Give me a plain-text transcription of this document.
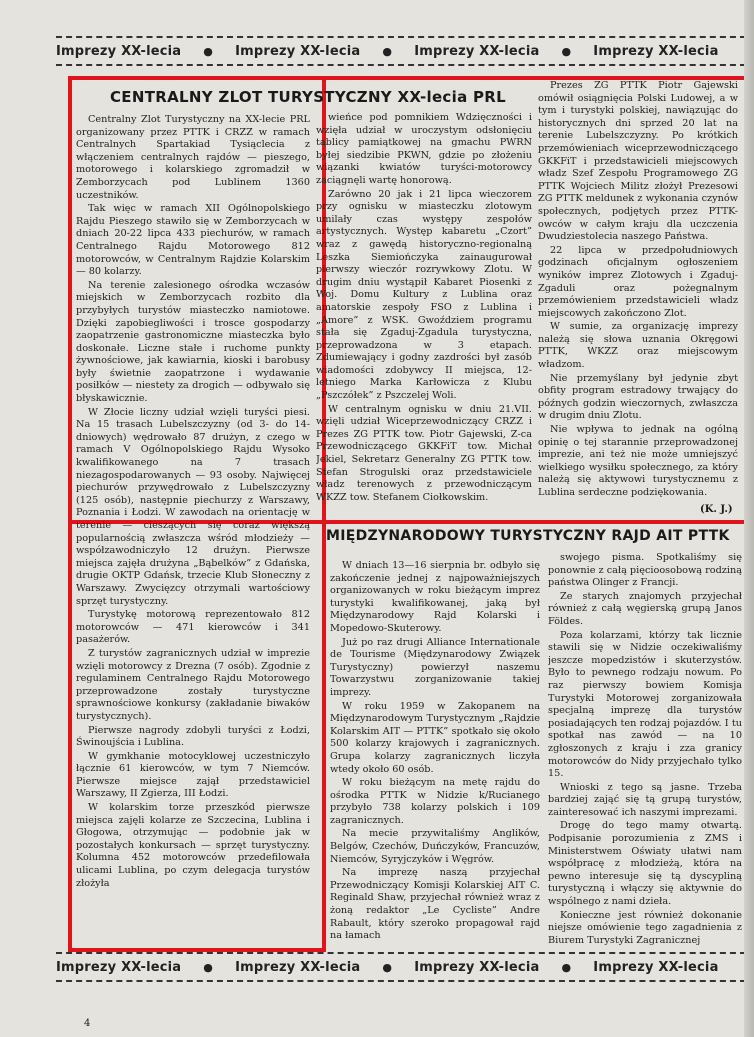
Imprezy XX-lecia ● Imprezy XX-lecia ● Imprezy XX-lecia ● Imprezy XX-lecia
CENTRALNY ZLOT TURYSTYCZNY XX-lecia PRL

Centralny Zlot Turystyczny na XX-lecie PRL organizowany przez PTTK i CRZZ w ramach Centralnych Spartakiad Tysiąclecia z włączeniem centralnych rajdów — pieszego, motorowego i kolarskiego zgromadził w Zemborzycach pod Lublinem 1360 uczestników.

Tak więc w ramach XII Ogólnopolskiego Rajdu Pieszego stawiło się w Zemborzycach w dniach 20-22 lipca 433 piechurów, w ramach Centralnego Rajdu Motorowego 812 motorowców, w Centralnym Rajdzie Kolarskim — 80 kolarzy.

Na terenie zalesionego ośrodka wczasów miejskich w Zemborzycach rozbito dla przybyłych turystów miasteczko namiotowe. Dzięki zapobiegliwości i trosce gospodarzy zaopatrzenie gastronomiczne miasteczka było doskonałe. Liczne stałe i ruchome punkty żywnościowe, jak kawiarnia, kioski i barobusy były świetnie zaopatrzone i wydawanie posiłków — niestety za drogich — odbywało się błyskawicznie.

W Złocie liczny udział wzięli turyści piesi. Na 15 trasach Lubelszczyzny (od 3- do 14-dniowych) wędrowało 87 drużyn, z czego w ramach V Ogólnopolskiego Rajdu Wysoko kwalifikowanego na 7 trasach niezagospodarowanych — 93 osoby. Najwięcej piechurów przywędrowało z Lubelszczyzny (125 osób), następnie piechurzy z Warszawy, Poznania i Łodzi. W zawodach na orientację w terenie — cieszących się coraz większą popularnością zwłaszcza wśród młodzieży — współzawodniczyło 12 drużyn. Pierwsze miejsca zajęła drużyna „Bąbelków” z Gdańska, drugie OKTP Gdańsk, trzecie Klub Słoneczny z Warszawy. Zwycięzcy otrzymali wartościowy sprzęt turystyczny.

Turystykę motorową reprezentowało 812 motorowców — 471 kierowców i 341 pasażerów.

Z turystów zagranicznych udział w imprezie wzięli motorowcy z Drezna (7 osób). Zgodnie z regulaminem Centralnego Rajdu Motorowego przeprowadzone zostały turystyczne sprawnościowe konkursy (zakładanie biwaków turystycznych).

Pierwsze nagrody zdobyli turyści z Łodzi, Świnoujścia i Lublina.

W gymkhanie motocyklowej uczestniczyło łącznie 61 kierowców, w tym 7 Niemców. Pierwsze miejsce zajął przedstawiciel Warszawy, II Zgierza, III Łodzi.

W kolarskim torze przeszkód pierwsze miejsca zajęli kolarze ze Szczecina, Lublina i Głogowa, otrzymując — podobnie jak w pozostałych konkursach — sprzęt turystyczny. Kolumna 452 motorowców przedefilowała ulicami Lublina, po czym delegacja turystów złożyła

wieńce pod pomnikiem Wdzięczności i wzięła udział w uroczystym odsłonięciu tablicy pamiątkowej na gmachu PWRN byłej siedzibie PKWN, gdzie po złożeniu wiązanki kwiatów turyści-motorowcy zaciągnęli wartę honorową.

Zarówno 20 jak i 21 lipca wieczorem przy ognisku w miasteczku zlotowym umilały czas występy zespołów artystycznych. Występ kabaretu „Czort” wraz z gawędą historyczno-regionalną Leszka Siemiończyka zainaugurował pierwszy wieczór rozrywkowy Zlotu. W drugim dniu wystąpił Kabaret Piosenki z Woj. Domu Kultury z Lublina oraz amatorskie zespoły FSO z Lublina i „Amore” z WSK. Gwoździem programu stała się Zgaduj-Zgadula turystyczna, przeprowadzona w 3 etapach. Zdumiewający i godny zazdrości był zasób wiadomości zdobywcy II miejsca, 12-letniego Marka Karłowicza z Klubu „Pszczółek” z Pszczelej Woli.

W centralnym ognisku w dniu 21.VII. wzięli udział Wiceprzewodniczący CRZZ i Prezes ZG PTTK tow. Piotr Gajewski, Z-ca Przewodniczącego GKKFiT tow. Michał Jekiel, Sekretarz Generalny ZG PTTK tow. Stefan Strogulski oraz przedstawiciele władz terenowych z przewodniczącym WKZZ tow. Stefanem Ciołkowskim.

Prezes ZG PTTK Piotr Gajewski omówił osiągnięcia Polski Ludowej, a w tym i turystyki polskiej, nawiązując do historycznych dni sprzed 20 lat na terenie Lubelszczyzny. Po krótkich przemówieniach wiceprzewodniczącego GKKFiT i przedstawicieli miejscowych władz Szef Zespołu Programowego ZG PTTK Wojciech Militz złożył Prezesowi ZG PTTK meldunek z wykonania czynów społecznych, podjętych przez PTTK-owców w całym kraju dla uczczenia Dwudziestolecia naszego Państwa.

22 lipca w przedpołudniowych godzinach oficjalnym ogłoszeniem wyników imprez Zlotowych i Zgaduj-Zgaduli oraz pożegnalnym przemówieniem przedstawicieli władz miejscowych zakończono Zlot.

W sumie, za organizację imprezy należą się słowa uznania Okręgowi PTTK, WKZZ oraz miejscowym władzom.

Nie przemyślany był jedynie zbyt obfity program estradowy trwający do późnych godzin wieczornych, zwłaszcza w drugim dniu Zlotu.

Nie wpływa to jednak na ogólną opinię o tej starannie przeprowadzonej imprezie, ani też nie może umniejszyć wielkiego wysiłku społecznego, za który należą się aktywowi turystycznemu z Lublina serdeczne podziękowania.

(K. J.)
MIĘDZYNARODOWY TURYSTYCZNY RAJD AIT PTTK

W dniach 13—16 sierpnia br. odbyło się zakończenie jednej z najpoważniejszych organizowanych w roku bieżącym imprez turystyki kwalifikowanej, jaką był Międzynarodowy Rajd Kolarski i Mopedowo-Skuterowy.

Już po raz drugi Alliance Internationale de Tourisme (Międzynarodowy Związek Turystyczny) powierzył naszemu Towarzystwu zorganizowanie takiej imprezy.

W roku 1959 w Zakopanem na Międzynarodowym Turystycznym „Rajdzie Kolarskim AIT — PTTK” spotkało się około 500 kolarzy krajowych i zagranicznych. Grupa kolarzy zagranicznych liczyła wtedy około 60 osób.

W roku bieżącym na metę rajdu do ośrodka PTTK w Nidzie k/Rucianego przybyło 738 kolarzy polskich i 109 zagranicznych.

Na mecie przywitaliśmy Anglików, Belgów, Czechów, Duńczyków, Francuzów, Niemców, Syryjczyków i Węgrów.

Na imprezę naszą przyjechał Przewodniczący Komisji Kolarskiej AIT C. Reginald Shaw, przyjechał również wraz z żoną redaktor „Le Cycliste” Andre Rabault, który szeroko propagował rajd na łamach

swojego pisma. Spotkaliśmy się ponownie z całą pięcioosobową rodziną państwa Olinger z Francji.

Ze starych znajomych przyjechał również z całą węgierską grupą Janos Földes.

Poza kolarzami, którzy tak licznie stawili się w Nidzie oczekiwaliśmy jeszcze mopedzistów i skuterzystów. Było to pewnego rodzaju nowum. Po raz pierwszy bowiem Komisja Turystyki Motorowej zorganizowała specjalną imprezę dla turystów posiadających ten rodzaj pojazdów. I tu spotkał nas zawód — na 10 zgłoszonych z kraju i zza granicy motorowców do Nidy przyjechało tylko 15.

Wnioski z tego są jasne. Trzeba bardziej zająć się tą grupą turystów, zainteresować ich naszymi imprezami.

Drogę do tego mamy otwartą. Podpisanie porozumienia z ZMS i Ministerstwem Oświaty ułatwi nam współpracę z młodzieżą, która na pewno interesuje się tą dyscypliną turystyczną i włączy się aktywnie do wspólnego z nami dzieła.

Konieczne jest również dokonanie niejsze omówienie tego zagadnienia z Biurem Turystyki Zagranicznej

Imprezy XX-lecia ● Imprezy XX-lecia ● Imprezy XX-lecia ● Imprezy XX-lecia
4
